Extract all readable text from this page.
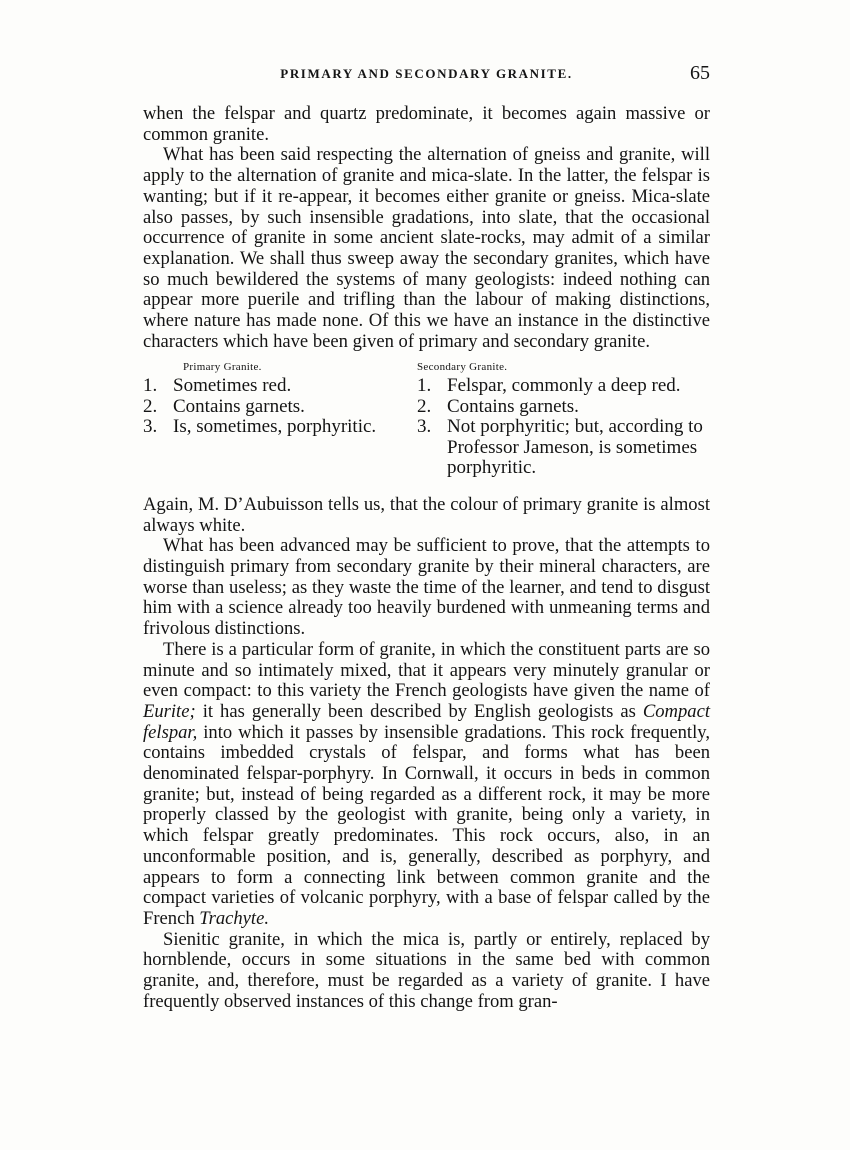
PRIMARY AND SECONDARY GRANITE.	65

when the felspar and quartz predominate, it becomes again massive or common granite.

What has been said respecting the alternation of gneiss and granite, will apply to the alternation of granite and mica-slate. In the latter, the felspar is wanting; but if it re-appear, it becomes either granite or gneiss. Mica-slate also passes, by such insensible gradations, into slate, that the occasional occurrence of granite in some ancient slate-rocks, may admit of a similar explanation. We shall thus sweep away the secondary granites, which have so much bewildered the systems of many geologists: indeed nothing can appear more puerile and trifling than the labour of making distinctions, where nature has made none. Of this we have an instance in the distinctive characters which have been given of primary and secondary granite.

Primary Granite.
1. Sometimes red.
2. Contains garnets.
3. Is, sometimes, porphyritic.
Secondary Granite.
1. Felspar, commonly a deep red.
2. Contains garnets.
3. Not porphyritic; but, according to Professor Jameson, is sometimes porphyritic.

Again, M. D’Aubuisson tells us, that the colour of primary granite is almost always white.

What has been advanced may be sufficient to prove, that the attempts to distinguish primary from secondary granite by their mineral characters, are worse than useless; as they waste the time of the learner, and tend to disgust him with a science already too heavily burdened with unmeaning terms and frivolous distinctions.

There is a particular form of granite, in which the constituent parts are so minute and so intimately mixed, that it appears very minutely granular or even compact: to this variety the French geologists have given the name of Eurite; it has generally been described by English geologists as Compact felspar, into which it passes by insensible gradations. This rock frequently, contains imbedded crystals of felspar, and forms what has been denominated felspar-porphyry. In Cornwall, it occurs in beds in common granite; but, instead of being regarded as a different rock, it may be more properly classed by the geologist with granite, being only a variety, in which felspar greatly predominates. This rock occurs, also, in an unconformable position, and is, generally, described as porphyry, and appears to form a connecting link between common granite and the compact varieties of volcanic porphyry, with a base of felspar called by the French Trachyte.

Sienitic granite, in which the mica is, partly or entirely, replaced by hornblende, occurs in some situations in the same bed with common granite, and, therefore, must be regarded as a variety of granite. I have frequently observed instances of this change from gran-
